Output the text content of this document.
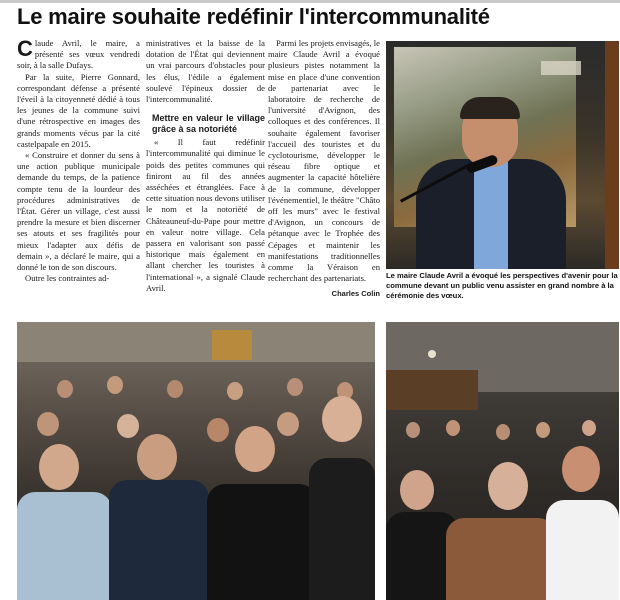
Le maire souhaite redéfinir l'intercommunalité

Claude Avril, le maire, a présenté ses vœux vendredi soir, à la salle Dufays.

Par la suite, Pierre Gonnard, correspondant défense a présenté l'éveil à la citoyenneté dédié à tous les jeunes de la commune suivi d'une rétrospective en images des grands moments vécus par la cité castelpapale en 2015.

« Construire et donner du sens à une action publique municipale demande du temps, de la patience compte tenu de la lourdeur des procédures administratives de l'État. Gérer un village, c'est aussi prendre la mesure et bien discerner ses atouts et ses fragilités pour mieux l'adapter aux défis de demain », a déclaré le maire, qui a donné le ton de son discours.

Outre les contraintes ad-

ministratives et la baisse de la dotation de l'État qui deviennent un vrai parcours d'obstacles pour les élus, l'édile a également soulevé l'épineux dossier de l'intercommunalité.

Mettre en valeur le village grâce à sa notoriété

« Il faut redéfinir l'intercommunalité qui diminue le poids des petites communes qui finiront au fil des années asséchées et étranglées. Face à cette situation nous devons utiliser le nom et la notoriété de Châteauneuf-du-Pape pour mettre en valeur notre village. Cela passera en valorisant son passé historique mais également en allant chercher les touristes à l'international », a signalé Claude Avril.

Parmi les projets envisagés, le maire Claude Avril a évoqué plusieurs pistes notamment la mise en place d'une convention de partenariat avec le laboratoire de recherche de l'université d'Avignon, des colloques et des conférences. Il souhaite également favoriser l'accueil des touristes et du cyclotourisme, développer le réseau fibre optique et augmenter la capacité hôtelière de la commune, développer l'événementiel, le théâtre "Châto off les murs" avec le festival d'Avignon, un concours de pétanque avec le Trophée des Cépages et maintenir les manifestations traditionnelles comme la Véraison en recherchant des partenariats.

Charles Colin
Le maire Claude Avril a évoqué les perspectives d'avenir pour la commune devant un public venu assister en grand nombre à la cérémonie des vœux.
